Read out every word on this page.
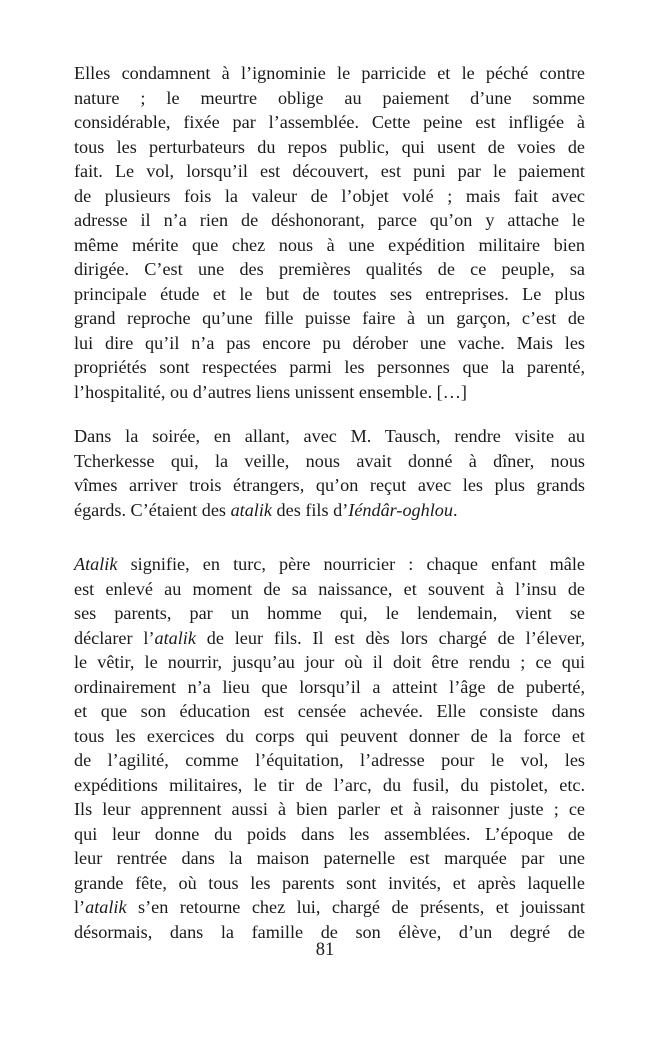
Elles condamnent à l’ignominie le parricide et le péché contre
nature ; le meurtre oblige au paiement d’une somme
considérable, fixée par l’assemblée. Cette peine est infligée à
tous les perturbateurs du repos public, qui usent de voies de
fait. Le vol, lorsqu’il est découvert, est puni par le paiement
de plusieurs fois la valeur de l’objet volé ; mais fait avec
adresse il n’a rien de déshonorant, parce qu’on y attache le
même mérite que chez nous à une expédition militaire bien
dirigée. C’est une des premières qualités de ce peuple, sa
principale étude et le but de toutes ses entreprises. Le plus
grand reproche qu’une fille puisse faire à un garçon, c’est de
lui dire qu’il n’a pas encore pu dérober une vache. Mais les
propriétés sont respectées parmi les personnes que la parenté,
l’hospitalité, ou d’autres liens unissent ensemble. […]
Dans la soirée, en allant, avec M. Tausch, rendre visite au
Tcherkesse qui, la veille, nous avait donné à dîner, nous
vîmes arriver trois étrangers, qu’on reçut avec les plus grands
égards. C’étaient des atalik des fils d’Iéndâr-oghlou.
Atalik signifie, en turc, père nourricier : chaque enfant mâle
est enlevé au moment de sa naissance, et souvent à l’insu de
ses parents, par un homme qui, le lendemain, vient se
déclarer l’atalik de leur fils. Il est dès lors chargé de l’élever,
le vêtir, le nourrir, jusqu’au jour où il doit être rendu ; ce qui
ordinairement n’a lieu que lorsqu’il a atteint l’âge de puberté,
et que son éducation est censée achevée. Elle consiste dans
tous les exercices du corps qui peuvent donner de la force et
de l’agilité, comme l’équitation, l’adresse pour le vol, les
expéditions militaires, le tir de l’arc, du fusil, du pistolet, etc.
Ils leur apprennent aussi à bien parler et à raisonner juste ; ce
qui leur donne du poids dans les assemblées. L’époque de
leur rentrée dans la maison paternelle est marquée par une
grande fête, où tous les parents sont invités, et après laquelle
l’atalik s’en retourne chez lui, chargé de présents, et jouissant
désormais, dans la famille de son élève, d’un degré de
81
